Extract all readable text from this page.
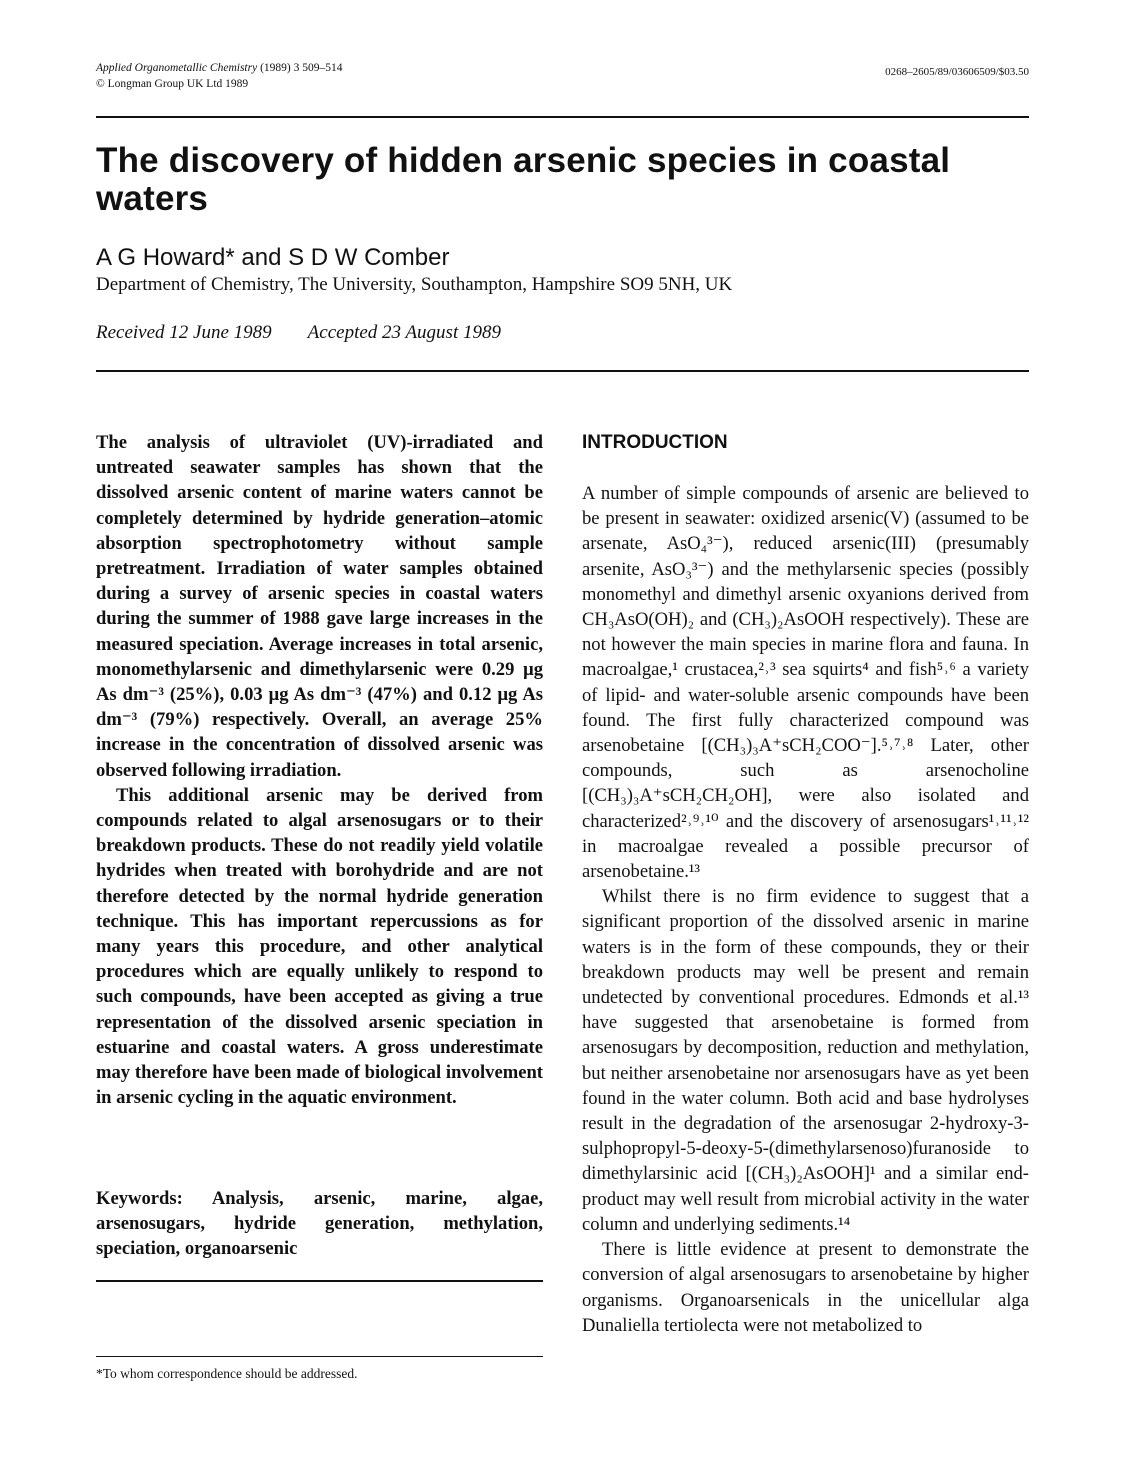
Applied Organometallic Chemistry (1989) 3 509–514
© Longman Group UK Ltd 1989
0268–2605/89/03606509/$03.50
The discovery of hidden arsenic species in coastal waters
A G Howard* and S D W Comber
Department of Chemistry, The University, Southampton, Hampshire SO9 5NH, UK
Received 12 June 1989 Accepted 23 August 1989

The analysis of ultraviolet (UV)-irradiated and untreated seawater samples has shown that the dissolved arsenic content of marine waters cannot be completely determined by hydride generation–atomic absorption spectrophotometry without sample pretreatment. Irradiation of water samples obtained during a survey of arsenic species in coastal waters during the summer of 1988 gave large increases in the measured speciation. Average increases in total arsenic, monomethylarsenic and dimethylarsenic were 0.29 μg As dm⁻³ (25%), 0.03 μg As dm⁻³ (47%) and 0.12 μg As dm⁻³ (79%) respectively. Overall, an average 25% increase in the concentration of dissolved arsenic was observed following irradiation.

This additional arsenic may be derived from compounds related to algal arsenosugars or to their breakdown products. These do not readily yield volatile hydrides when treated with borohydride and are not therefore detected by the normal hydride generation technique. This has important repercussions as for many years this procedure, and other analytical procedures which are equally unlikely to respond to such compounds, have been accepted as giving a true representation of the dissolved arsenic speciation in estuarine and coastal waters. A gross underestimate may therefore have been made of biological involvement in arsenic cycling in the aquatic environment.

Keywords: Analysis, arsenic, marine, algae, arsenosugars, hydride generation, methylation, speciation, organoarsenic

*To whom correspondence should be addressed.
INTRODUCTION

A number of simple compounds of arsenic are believed to be present in seawater: oxidized arsenic(V) (assumed to be arsenate, AsO₄³⁻), reduced arsenic(III) (presumably arsenite, AsO₃³⁻) and the methylarsenic species (possibly monomethyl and dimethyl arsenic oxyanions derived from CH₃AsO(OH)₂ and (CH₃)₂AsOOH respectively). These are not however the main species in marine flora and fauna. In macroalgae,¹ crustacea,²˒³ sea squirts⁴ and fish⁵˒⁶ a variety of lipid- and water-soluble arsenic compounds have been found. The first fully characterized compound was arsenobetaine [(CH₃)₃A⁺sCH₂COO⁻].⁵˒⁷˒⁸ Later, other compounds, such as arsenocholine [(CH₃)₃A⁺sCH₂CH₂OH], were also isolated and characterized²˒⁹˒¹⁰ and the discovery of arsenosugars¹˒¹¹˒¹² in macroalgae revealed a possible precursor of arsenobetaine.¹³

Whilst there is no firm evidence to suggest that a significant proportion of the dissolved arsenic in marine waters is in the form of these compounds, they or their breakdown products may well be present and remain undetected by conventional procedures. Edmonds et al.¹³ have suggested that arsenobetaine is formed from arsenosugars by decomposition, reduction and methylation, but neither arsenobetaine nor arsenosugars have as yet been found in the water column. Both acid and base hydrolyses result in the degradation of the arsenosugar 2-hydroxy-3-sulphopropyl-5-deoxy-5-(dimethylarsenoso)furanoside to dimethylarsinic acid [(CH₃)₂AsOOH]¹ and a similar end-product may well result from microbial activity in the water column and underlying sediments.¹⁴

There is little evidence at present to demonstrate the conversion of algal arsenosugars to arsenobetaine by higher organisms. Organoarsenicals in the unicellular alga Dunaliella tertiolecta were not metabolized to
